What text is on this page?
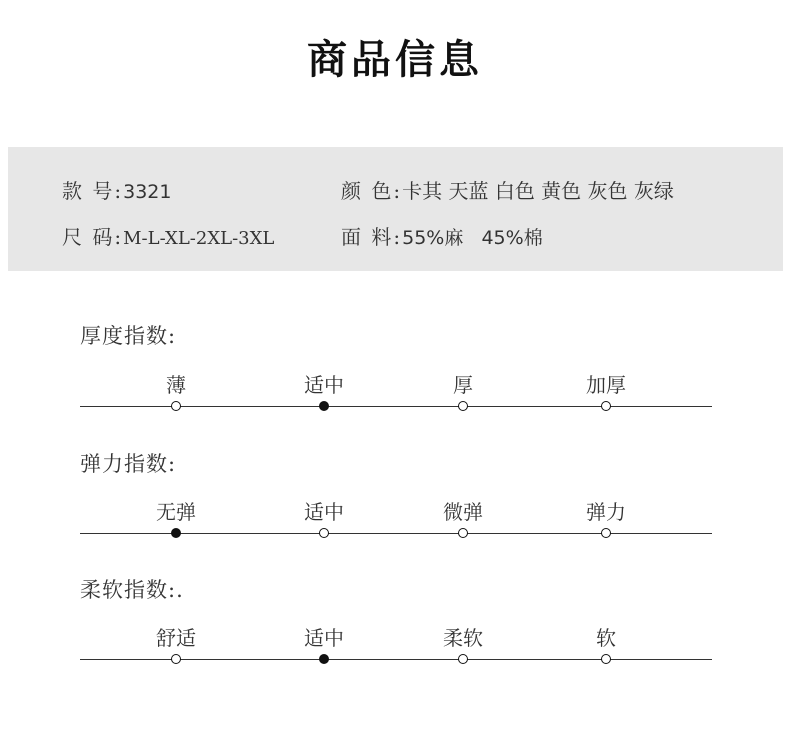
商品信息
款 号:3321
尺 码:M-L-XL-2XL-3XL
颜 色:卡其 天蓝 白色 黄色 灰色 灰绿
面 料:55%麻   45%棉
厚度指数:
薄	适中	厚	加厚
弹力指数:
无弹	适中	微弹	弹力
柔软指数:.
舒适	适中	柔软	软
